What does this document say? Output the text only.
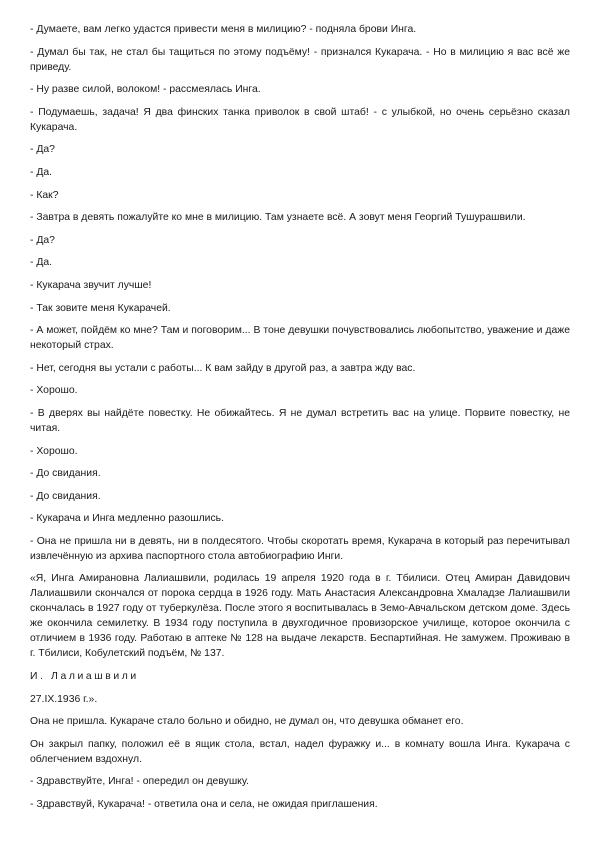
- Думаете, вам легко удастся привести меня в милицию? - подняла брови Инга.

- Думал бы так, не стал бы тащиться по этому подъёму! - признался Кукарача. - Но в милицию я вас всё же приведу.

- Ну разве силой, волоком! - рассмеялась Инга.

- Подумаешь, задача! Я два финских танка приволок в свой штаб! - с улыбкой, но очень серьёзно сказал Кукарача.

- Да?

- Да.

- Как?

- Завтра в девять пожалуйте ко мне в милицию. Там узнаете всё. А зовут меня Георгий Тушурашвили.

- Да?

- Да.

- Кукарача звучит лучше!

- Так зовите меня Кукарачей.

- А может, пойдём ко мне? Там и поговорим... В тоне девушки почувствовались любопытство, уважение и даже некоторый страх.

- Нет, сегодня вы устали с работы... К вам зайду в другой раз, а завтра жду вас.

- Хорошо.

- В дверях вы найдёте повестку. Не обижайтесь. Я не думал встретить вас на улице. Порвите повестку, не читая.

- Хорошо.

- До свидания.

- До свидания.

- Кукарача и Инга медленно разошлись.

- Она не пришла ни в девять, ни в полдесятого. Чтобы скоротать время, Кукарача в который раз перечитывал извлечённую из архива паспортного стола автобиографию Инги.

«Я, Инга Амирановна Лалиашвили, родилась 19 апреля 1920 года в г. Тбилиси. Отец Амиран Давидович Лалиашвили скончался от порока сердца в 1926 году. Мать Анастасия Александровна Хмаладзе Лалиашвили скончалась в 1927 году от туберкулёза. После этого я воспитывалась в Земо-Авчальском детском доме. Здесь же окончила семилетку. В 1934 году поступила в двухгодичное провизорское училище, которое окончила с отличием в 1936 году. Работаю в аптеке № 128 на выдаче лекарств. Беспартийная. Не замужем. Проживаю в г. Тбилиси, Кобулетский подъём, № 137.

И. Лалиашвили

27.IX.1936 г.».

Она не пришла. Кукараче стало больно и обидно, не думал он, что девушка обманет его.

Он закрыл папку, положил её в ящик стола, встал, надел фуражку и... в комнату вошла Инга. Кукарача с облегчением вздохнул.

- Здравствуйте, Инга! - опередил он девушку.

- Здравствуй, Кукарача! - ответила она и села, не ожидая приглашения.
